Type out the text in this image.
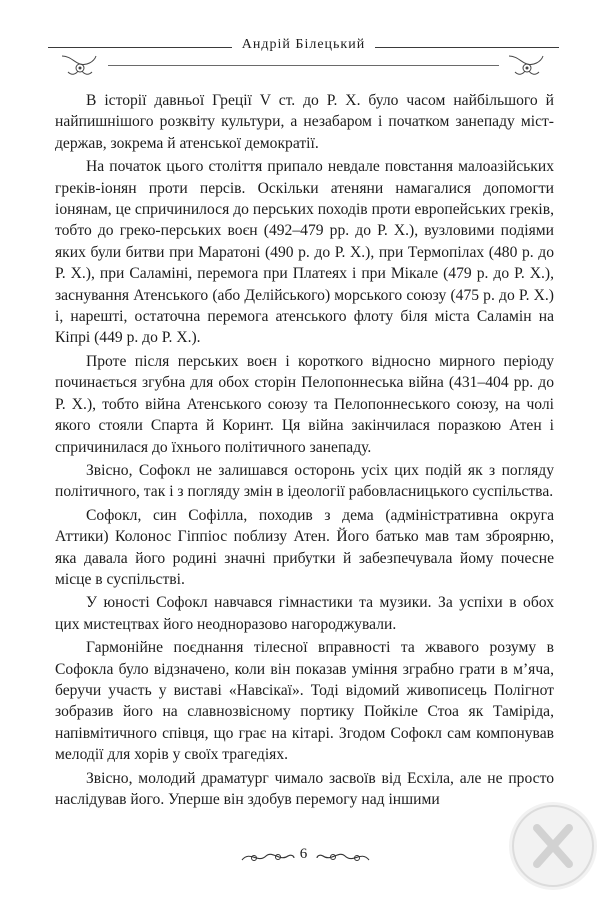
Андрій Білецький

В історії давньої Греції V ст. до Р. Х. було часом найбільшого й найпишнішого розквіту культури, а незабаром і початком занепаду міст-держав, зокрема й атенської демократії.

На початок цього століття припало невдале повстання малоазійських греків-іонян проти персів. Оскільки атеняни намагалися допомогти іонянам, це спричинилося до перських походів проти европейських греків, тобто до греко-перських воєн (492–479 рр. до Р. Х.), вузловими подіями яких були битви при Маратоні (490 р. до Р. Х.), при Термопілах (480 р. до Р. Х.), при Саламіні, перемога при Платеях і при Мікале (479 р. до Р. Х.), заснування Атенського (або Делійського) морського союзу (475 р. до Р. Х.) і, нарешті, остаточна перемога атенського флоту біля міста Саламін на Кіпрі (449 р. до Р. Х.).

Проте після перських воєн і короткого відносно мирного періоду починається згубна для обох сторін Пелопоннеська війна (431–404 рр. до Р. Х.), тобто війна Атенського союзу та Пелопоннеського союзу, на чолі якого стояли Спарта й Коринт. Ця війна закінчилася поразкою Атен і спричинилася до їхнього політичного занепаду.

Звісно, Софокл не залишався осторонь усіх цих подій як з погляду політичного, так і з погляду змін в ідеології рабовласницького суспільства.

Софокл, син Софілла, походив з дема (адміністративна округа Аттики) Колонос Гіппіос поблизу Атен. Його батько мав там зброярню, яка давала його родині значні прибутки й забезпечувала йому почесне місце в суспільстві.

У юності Софокл навчався гімнастики та музики. За успіхи в обох цих мистецтвах його неодноразово нагороджували.

Гармонійне поєднання тілесної вправності та жвавого розуму в Софокла було відзначено, коли він показав уміння зграбно грати в м’яча, беручи участь у виставі «Навсікаї». Тоді відомий живописець Полігнот зобразив його на славнозвісному портику Пойкіле Стоа як Таміріда, напівмітичного співця, що грає на кітарі. Згодом Софокл сам компонував мелодії для хорів у своїх трагедіях.

Звісно, молодий драматург чимало засвоїв від Есхіла, але не просто наслідував його. Уперше він здобув перемогу над іншими

6
